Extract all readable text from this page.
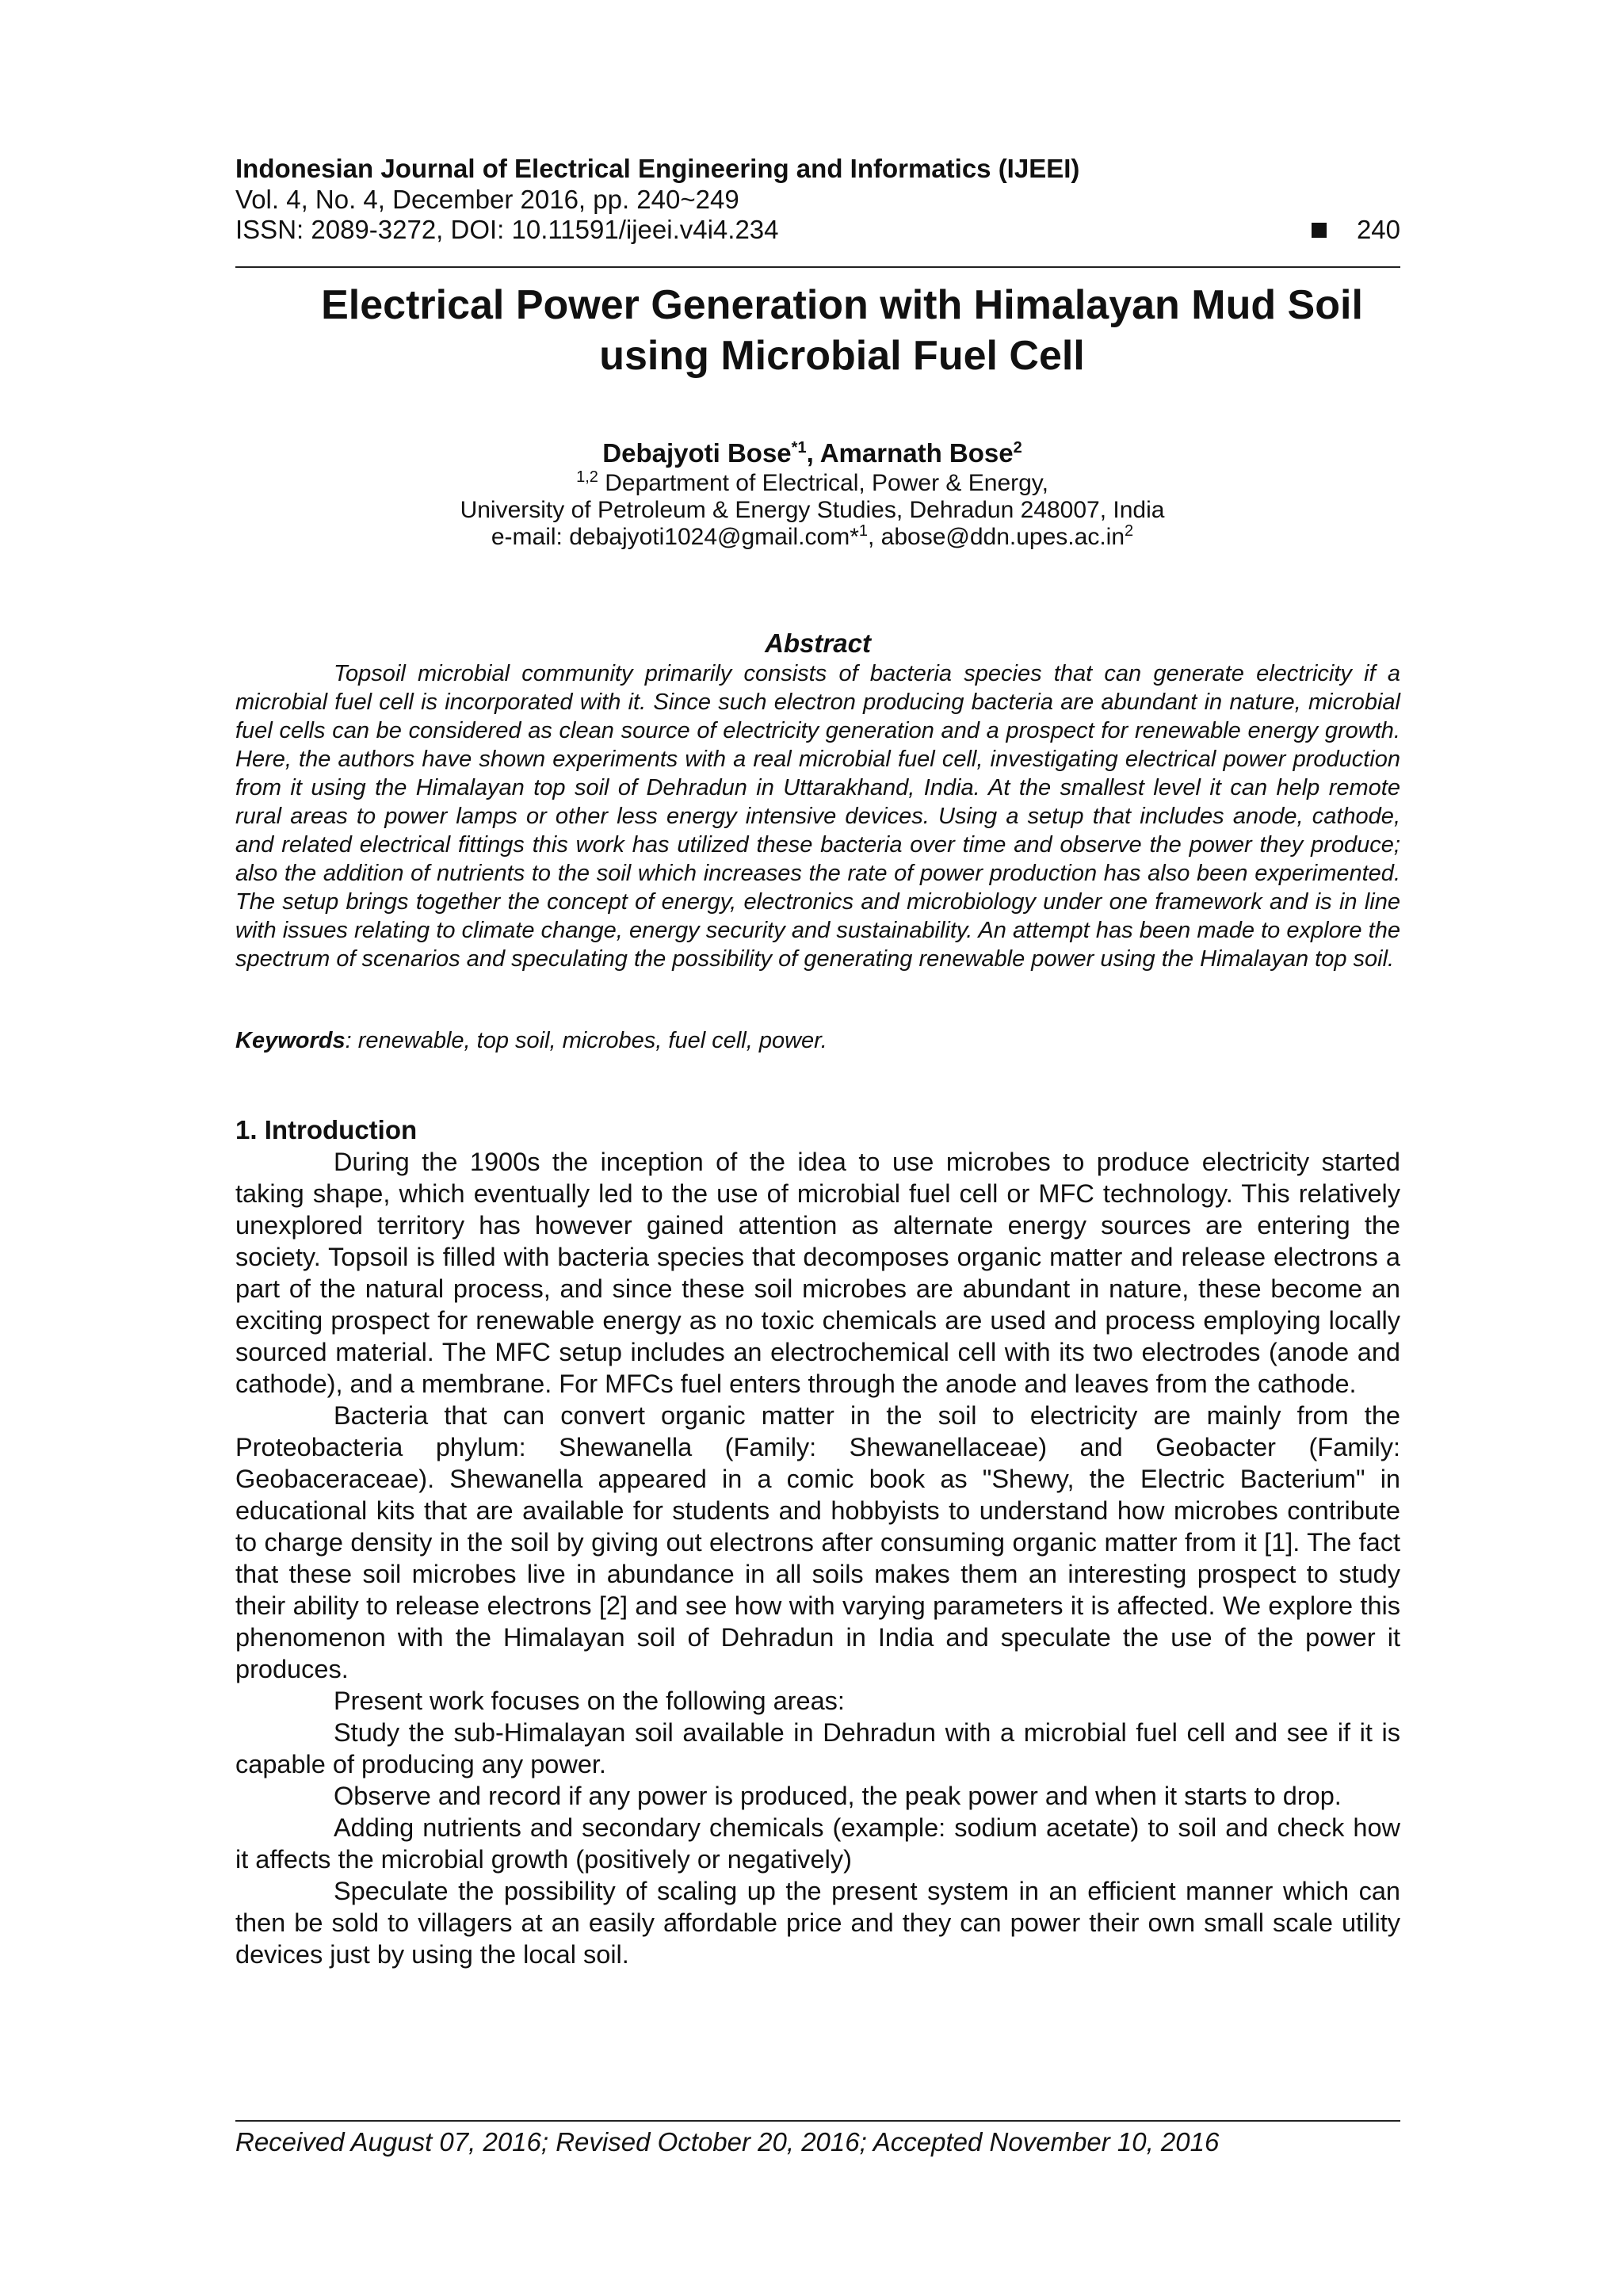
Indonesian Journal of Electrical Engineering and Informatics (IJEEI)
Vol. 4, No. 4, December 2016, pp. 240~249
ISSN: 2089-3272, DOI: 10.11591/ijeei.v4i4.234	240
Electrical Power Generation with Himalayan Mud Soil
using Microbial Fuel Cell
Debajyoti Bose$^{*1}$, Amarnath Bose$^2$
$^{1,2}$ Department of Electrical, Power & Energy,
University of Petroleum & Energy Studies, Dehradun 248007, India
e-mail: debajyoti1024@gmail.com*$^1$, $abose@ddn.upes.ac.in^2$
Abstract

Topsoil microbial community primarily consists of bacteria species that can generate electricity if a microbial fuel cell is incorporated with it. Since such electron producing bacteria are abundant in nature, microbial fuel cells can be considered as clean source of electricity generation and a prospect for renewable energy growth. Here, the authors have shown experiments with a real microbial fuel cell, investigating electrical power production from it using the Himalayan top soil of Dehradun in Uttarakhand, India. At the smallest level it can help remote rural areas to power lamps or other less energy intensive devices. Using a setup that includes anode, cathode, and related electrical fittings this work has utilized these bacteria over time and observe the power they produce; also the addition of nutrients to the soil which increases the rate of power production has also been experimented. The setup brings together the concept of energy, electronics and microbiology under one framework and is in line with issues relating to climate change, energy security and sustainability. An attempt has been made to explore the spectrum of scenarios and speculating the possibility of generating renewable power using the Himalayan top soil.

Keywords: renewable, top soil, microbes, fuel cell, power.
1. Introduction

During the 1900s the inception of the idea to use microbes to produce electricity started taking shape, which eventually led to the use of microbial fuel cell or MFC technology. This relatively unexplored territory has however gained attention as alternate energy sources are entering the society. Topsoil is filled with bacteria species that decomposes organic matter and release electrons a part of the natural process, and since these soil microbes are abundant in nature, these become an exciting prospect for renewable energy as no toxic chemicals are used and process employing locally sourced material. The MFC setup includes an electrochemical cell with its two electrodes (anode and cathode), and a membrane. For MFCs fuel enters through the anode and leaves from the cathode.

Bacteria that can convert organic matter in the soil to electricity are mainly from the Proteobacteria phylum: Shewanella (Family: Shewanellaceae) and Geobacter (Family: Geobaceraceae). Shewanella appeared in a comic book as "Shewy, the Electric Bacterium" in educational kits that are available for students and hobbyists to understand how microbes contribute to charge density in the soil by giving out electrons after consuming organic matter from it [1]. The fact that these soil microbes live in abundance in all soils makes them an interesting prospect to study their ability to release electrons [2] and see how with varying parameters it is affected. We explore this phenomenon with the Himalayan soil of Dehradun in India and speculate the use of the power it produces.

Present work focuses on the following areas:

Study the sub-Himalayan soil available in Dehradun with a microbial fuel cell and see if it is capable of producing any power.

Observe and record if any power is produced, the peak power and when it starts to drop.

Adding nutrients and secondary chemicals (example: sodium acetate) to soil and check how it affects the microbial growth (positively or negatively)

Speculate the possibility of scaling up the present system in an efficient manner which can then be sold to villagers at an easily affordable price and they can power their own small scale utility devices just by using the local soil.

Received August 07, 2016; Revised October 20, 2016; Accepted November 10, 2016
